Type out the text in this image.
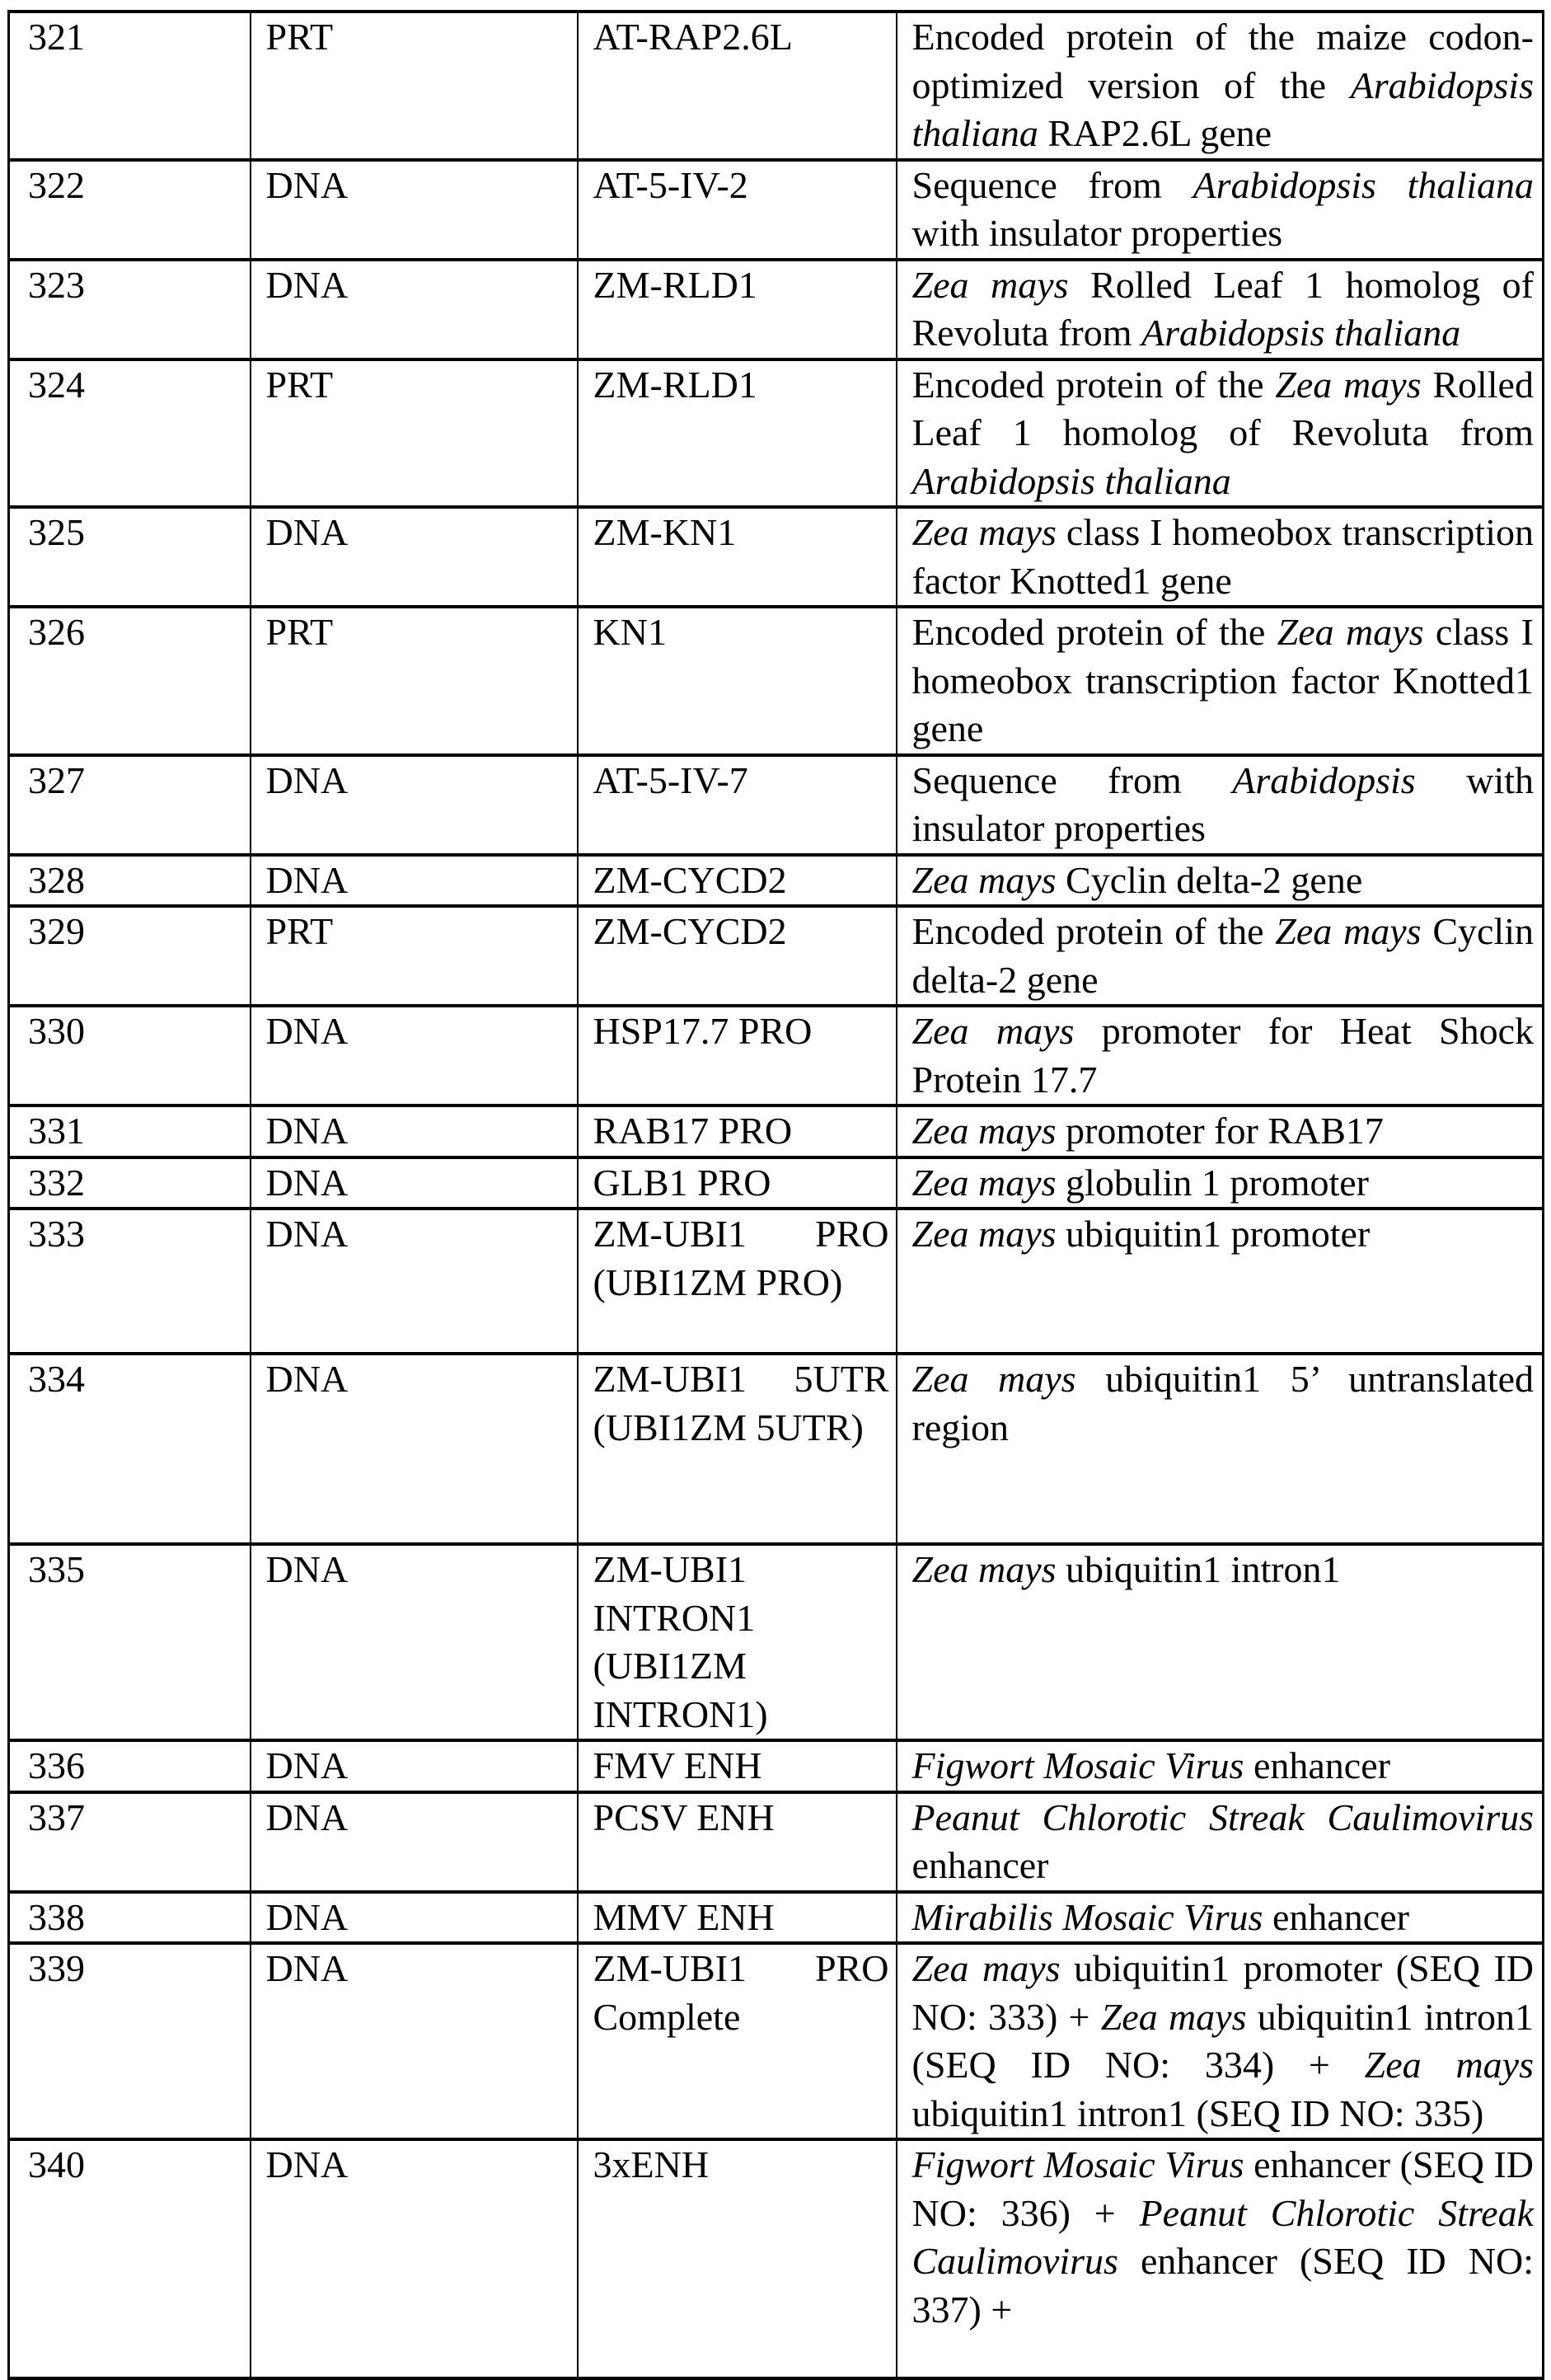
321	PRT	AT-RAP2.6L	Encoded protein of the maize codon-optimized version of the Arabidopsis thaliana RAP2.6L gene
322	DNA	AT-5-IV-2	Sequence from Arabidopsis thaliana with insulator properties
323	DNA	ZM-RLD1	Zea mays Rolled Leaf 1 homolog of Revoluta from Arabidopsis thaliana
324	PRT	ZM-RLD1	Encoded protein of the Zea mays Rolled Leaf 1 homolog of Revoluta from Arabidopsis thaliana
325	DNA	ZM-KN1	Zea mays class I homeobox transcription factor Knotted1 gene
326	PRT	KN1	Encoded protein of the Zea mays class I homeobox transcription factor Knotted1 gene
327	DNA	AT-5-IV-7	Sequence from Arabidopsis with insulator properties
328	DNA	ZM-CYCD2	Zea mays Cyclin delta-2 gene
329	PRT	ZM-CYCD2	Encoded protein of the Zea mays Cyclin delta-2 gene
330	DNA	HSP17.7 PRO	Zea mays promoter for Heat Shock Protein 17.7
331	DNA	RAB17 PRO	Zea mays promoter for RAB17
332	DNA	GLB1 PRO	Zea mays globulin 1 promoter
333	DNA	ZM-UBI1 PRO (UBI1ZM PRO)	Zea mays ubiquitin1 promoter
334	DNA	ZM-UBI1 5UTR (UBI1ZM 5UTR)	Zea mays ubiquitin1 5’ untranslated region
335	DNA	ZM-UBI1 INTRON1 (UBI1ZM INTRON1)	Zea mays ubiquitin1 intron1
336	DNA	FMV ENH	Figwort Mosaic Virus enhancer
337	DNA	PCSV ENH	Peanut Chlorotic Streak Caulimovirus enhancer
338	DNA	MMV ENH	Mirabilis Mosaic Virus enhancer
339	DNA	ZM-UBI1 PRO Complete	Zea mays ubiquitin1 promoter (SEQ ID NO: 333) + Zea mays ubiquitin1 intron1 (SEQ ID NO: 334) + Zea mays ubiquitin1 intron1 (SEQ ID NO: 335)
340	DNA	3xENH	Figwort Mosaic Virus enhancer (SEQ ID NO: 336) + Peanut Chlorotic Streak Caulimovirus enhancer (SEQ ID NO: 337) +
